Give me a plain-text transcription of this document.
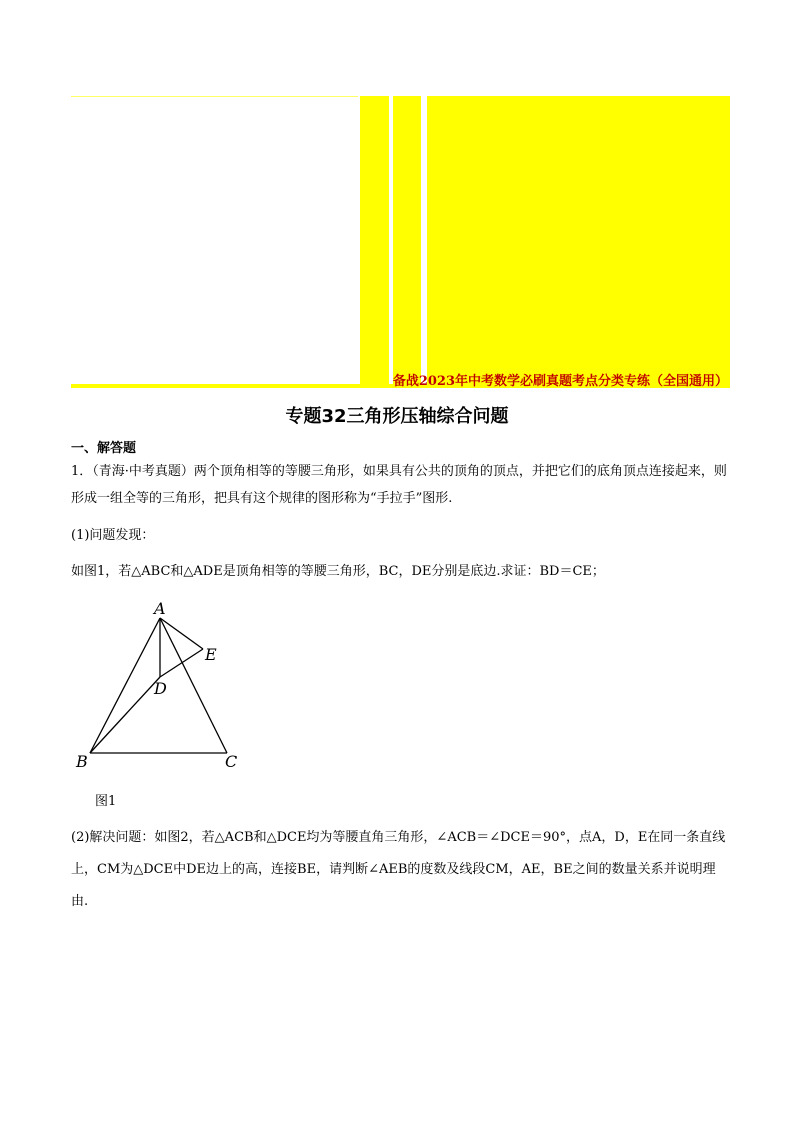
备战2023年中考数学必刷真题考点分类专练（全国通用）
专题32三角形压轴综合问题
一、解答题
1．（青海·中考真题）两个顶角相等的等腰三角形，如果具有公共的顶角的顶点，并把它们的底角顶点连接起来，则形成一组全等的三角形，把具有这个规律的图形称为“手拉手”图形.
(1)问题发现：
如图1，若△ABC和△ADE是顶角相等的等腰三角形，BC，DE分别是底边.求证：BD＝CE；
A
E
D
B	C
图1
(2)解决问题：如图2，若△ACB和△DCE均为等腰直角三角形，∠ACB＝∠DCE＝90°，点A，D，E在同一条直线上，CM为△DCE中DE边上的高，连接BE，请判断∠AEB的度数及线段CM，AE，BE之间的数量关系并说明理由.
